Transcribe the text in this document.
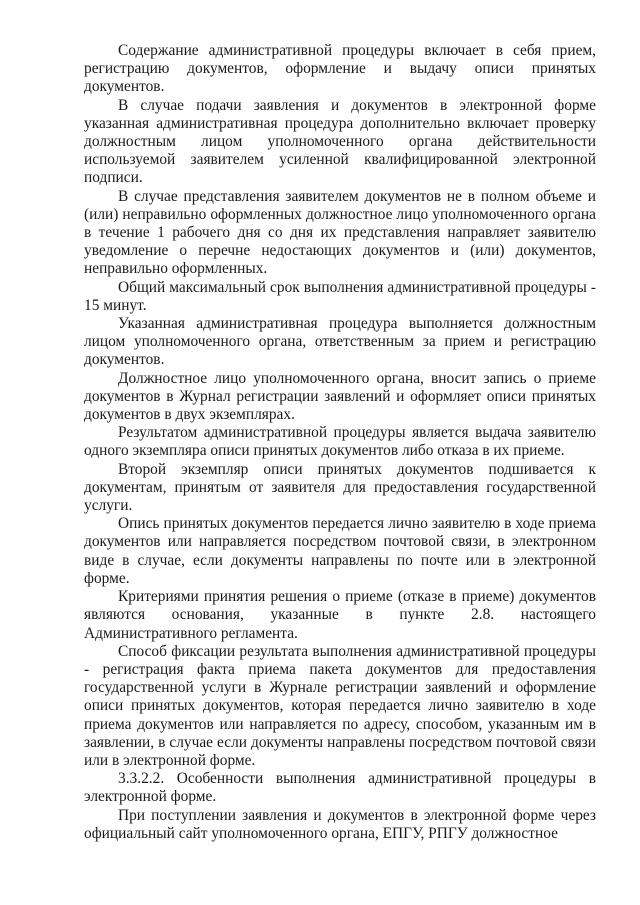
Содержание административной процедуры включает в себя прием, регистрацию документов, оформление и выдачу описи принятых документов.

В случае подачи заявления и документов в электронной форме указанная административная процедура дополнительно включает проверку должностным лицом уполномоченного органа действительности используемой заявителем усиленной квалифицированной электронной подписи.

В случае представления заявителем документов не в полном объеме и (или) неправильно оформленных должностное лицо уполномоченного органа в течение 1 рабочего дня со дня их представления направляет заявителю уведомление о перечне недостающих документов и (или) документов, неправильно оформленных.

Общий максимальный срок выполнения административной процедуры - 15 минут.

Указанная административная процедура выполняется должностным лицом уполномоченного органа, ответственным за прием и регистрацию документов.

Должностное лицо уполномоченного органа, вносит запись о приеме документов в Журнал регистрации заявлений и оформляет описи принятых документов в двух экземплярах.

Результатом административной процедуры является выдача заявителю одного экземпляра описи принятых документов либо отказа в их приеме.

Второй экземпляр описи принятых документов подшивается к документам, принятым от заявителя для предоставления государственной услуги.

Опись принятых документов передается лично заявителю в ходе приема документов или направляется посредством почтовой связи, в электронном виде в случае, если документы направлены по почте или в электронной форме.

Критериями принятия решения о приеме (отказе в приеме) документов являются основания, указанные в пункте 2.8. настоящего Административного регламента.

Способ фиксации результата выполнения административной процедуры - регистрация факта приема пакета документов для предоставления государственной услуги в Журнале регистрации заявлений и оформление описи принятых документов, которая передается лично заявителю в ходе приема документов или направляется по адресу, способом, указанным им в заявлении, в случае если документы направлены посредством почтовой связи или в электронной форме.

3.3.2.2. Особенности выполнения административной процедуры в электронной форме.

При поступлении заявления и документов в электронной форме через официальный сайт уполномоченного органа, ЕПГУ, РПГУ должностное
